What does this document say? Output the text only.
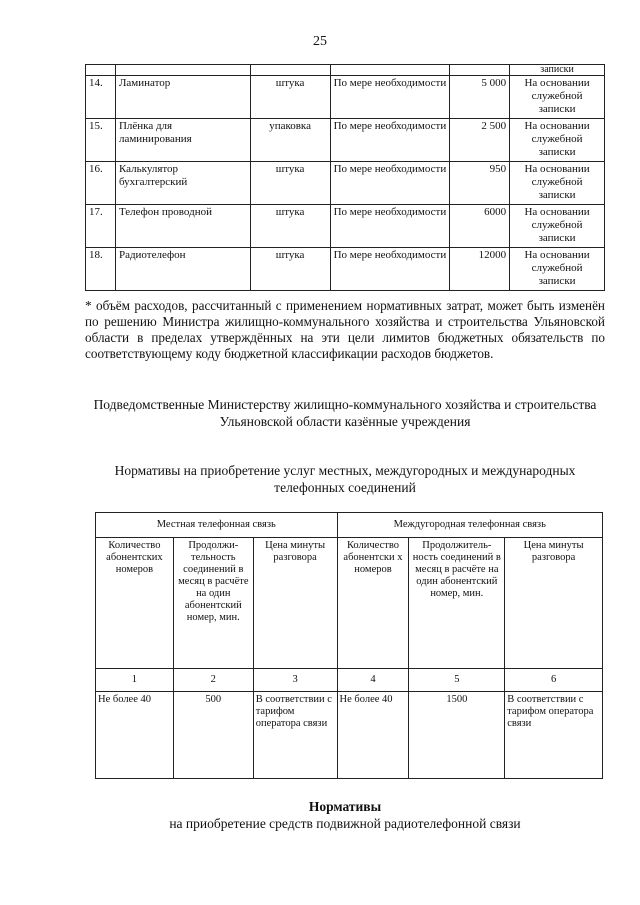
25
					записки
14.	Ламинатор	штука	По мере необходимости	5 000	На основании служебной записки
15.	Плёнка для ламинирования	упаковка	По мере необходимости	2 500	На основании служебной записки
16.	Калькулятор бухгалтерский	штука	По мере необходимости	950	На основании служебной записки
17.	Телефон проводной	штука	По мере необходимости	6000	На основании служебной записки
18.	Радиотелефон	штука	По мере необходимости	12000	На основании служебной записки
* объём расходов, рассчитанный с применением нормативных затрат, может быть изменён по решению Министра жилищно-коммунального хозяйства и строительства Ульяновской области в пределах утверждённых на эти цели лимитов бюджетных обязательств по соответствующему коду бюджетной классификации расходов бюджетов.
Подведомственные Министерству жилищно-коммунального хозяйства и строительства Ульяновской области казённые учреждения
Нормативы на приобретение услуг местных, междугородных и международных телефонных соединений
Местная телефонная связь			Междугородная телефонная связь		
Количество абонентских номеров	Продолжи-тельность соединений в месяц в расчёте на один абонентский номер, мин.	Цена минуты разговора	Количество абонентски х номеров	Продолжитель-ность соединений в месяц в расчёте на один абонентский номер, мин.	Цена минуты разговора
1	2	3	4	5	6
Не более 40	500	В соответствии с тарифом оператора связи	Не более 40	1500	В соответствии с тарифом оператора связи
Нормативы
на приобретение средств подвижной радиотелефонной связи
